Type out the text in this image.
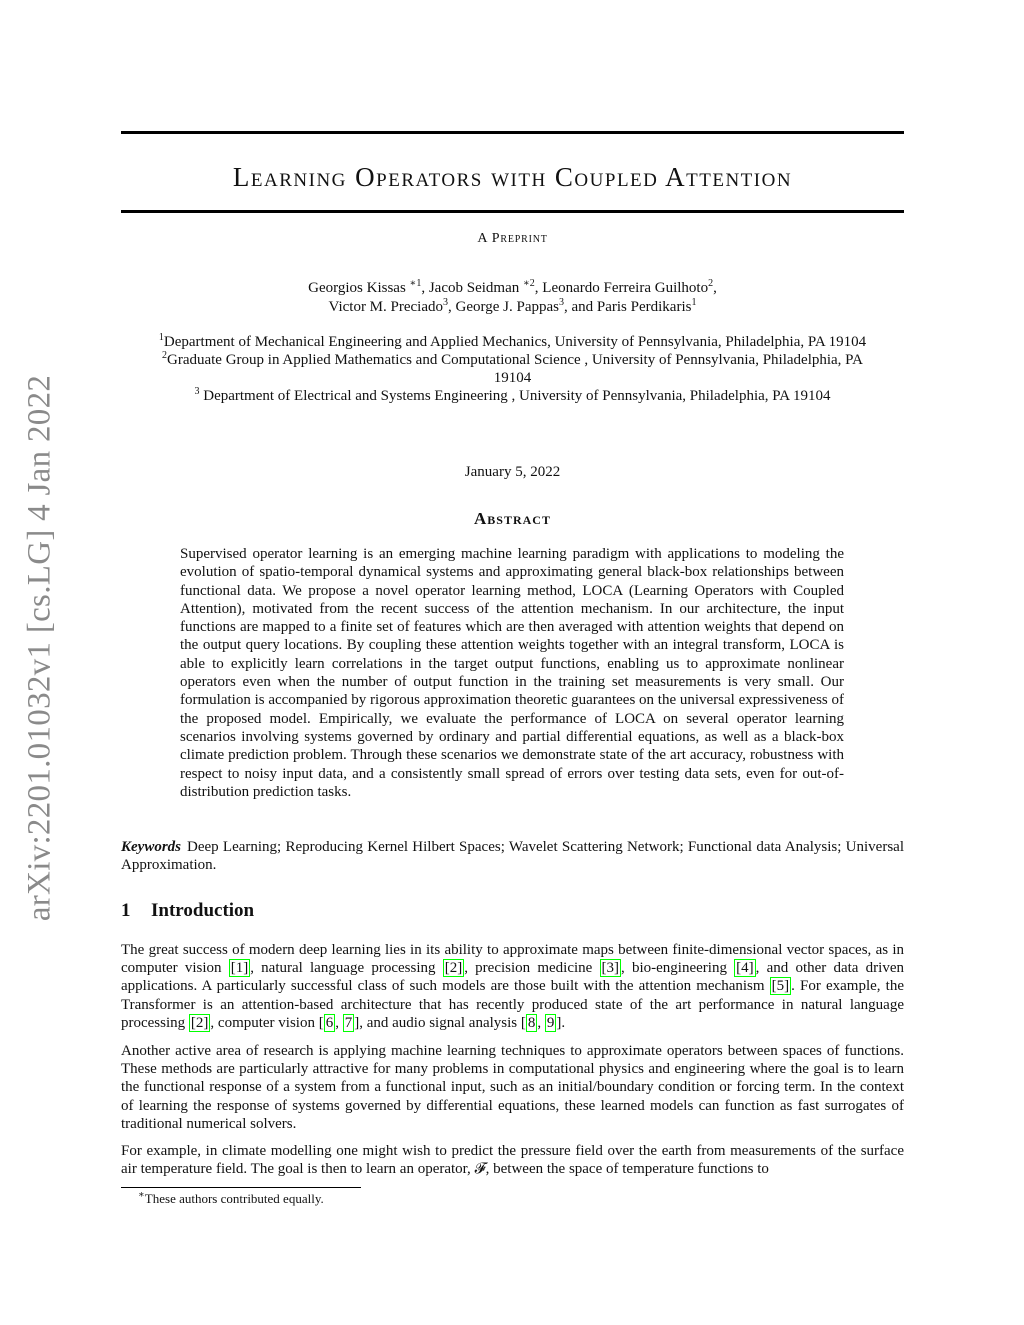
arXiv:2201.01032v1 [cs.LG] 4 Jan 2022
Learning Operators with Coupled Attention
A Preprint
Georgios Kissas $^{∗1}$, Jacob Seidman $^{∗2}$, Leonardo Ferreira Guilhoto$^2$,
Victor M. Preciado$^3$, George J. Pappas$^3$, and Paris Perdikaris$^1$
$^1$Department of Mechanical Engineering and Applied Mechanics, University of Pennsylvania, Philadelphia, PA 19104
$^2$Graduate Group in Applied Mathematics and Computational Science , University of Pennsylvania, Philadelphia, PA
19104
$^3$ Department of Electrical and Systems Engineering , University of Pennsylvania, Philadelphia, PA 19104
January 5, 2022
Abstract

Supervised operator learning is an emerging machine learning paradigm with applications to modeling the evolution of spatio-temporal dynamical systems and approximating general black-box relationships between functional data. We propose a novel operator learning method, LOCA (Learning Operators with Coupled Attention), motivated from the recent success of the attention mechanism. In our architecture, the input functions are mapped to a finite set of features which are then averaged with attention weights that depend on the output query locations. By coupling these attention weights together with an integral transform, LOCA is able to explicitly learn correlations in the target output functions, enabling us to approximate nonlinear operators even when the number of output function in the training set measurements is very small. Our formulation is accompanied by rigorous approximation theoretic guarantees on the universal expressiveness of the proposed model. Empirically, we evaluate the performance of LOCA on several operator learning scenarios involving systems governed by ordinary and partial differential equations, as well as a black-box climate prediction problem. Through these scenarios we demonstrate state of the art accuracy, robustness with respect to noisy input data, and a consistently small spread of errors over testing data sets, even for out-of-distribution prediction tasks.

Keywords Deep Learning; Reproducing Kernel Hilbert Spaces; Wavelet Scattering Network; Functional data Analysis; Universal Approximation.

1 Introduction

The great success of modern deep learning lies in its ability to approximate maps between finite-dimensional vector spaces, as in computer vision [1] , natural language processing [2] , precision medicine [3] , bio-engineering [4] , and other data driven applications. A particularly successful class of such models are those built with the attention mechanism [5] . For example, the Transformer is an attention-based architecture that has recently produced state of the art performance in natural language processing [2] , computer vision [ 6 , 7 ], and audio signal analysis [ 8 , 9 ].

Another active area of research is applying machine learning techniques to approximate operators between spaces of functions. These methods are particularly attractive for many problems in computational physics and engineering where the goal is to learn the functional response of a system from a functional input, such as an initial/boundary condition or forcing term. In the context of learning the response of systems governed by differential equations, these learned models can function as fast surrogates of traditional numerical solvers.

For example, in climate modelling one might wish to predict the pressure field over the earth from measurements of the surface air temperature field. The goal is then to learn an operator, 𝓕, between the space of temperature functions to

∗These authors contributed equally.
